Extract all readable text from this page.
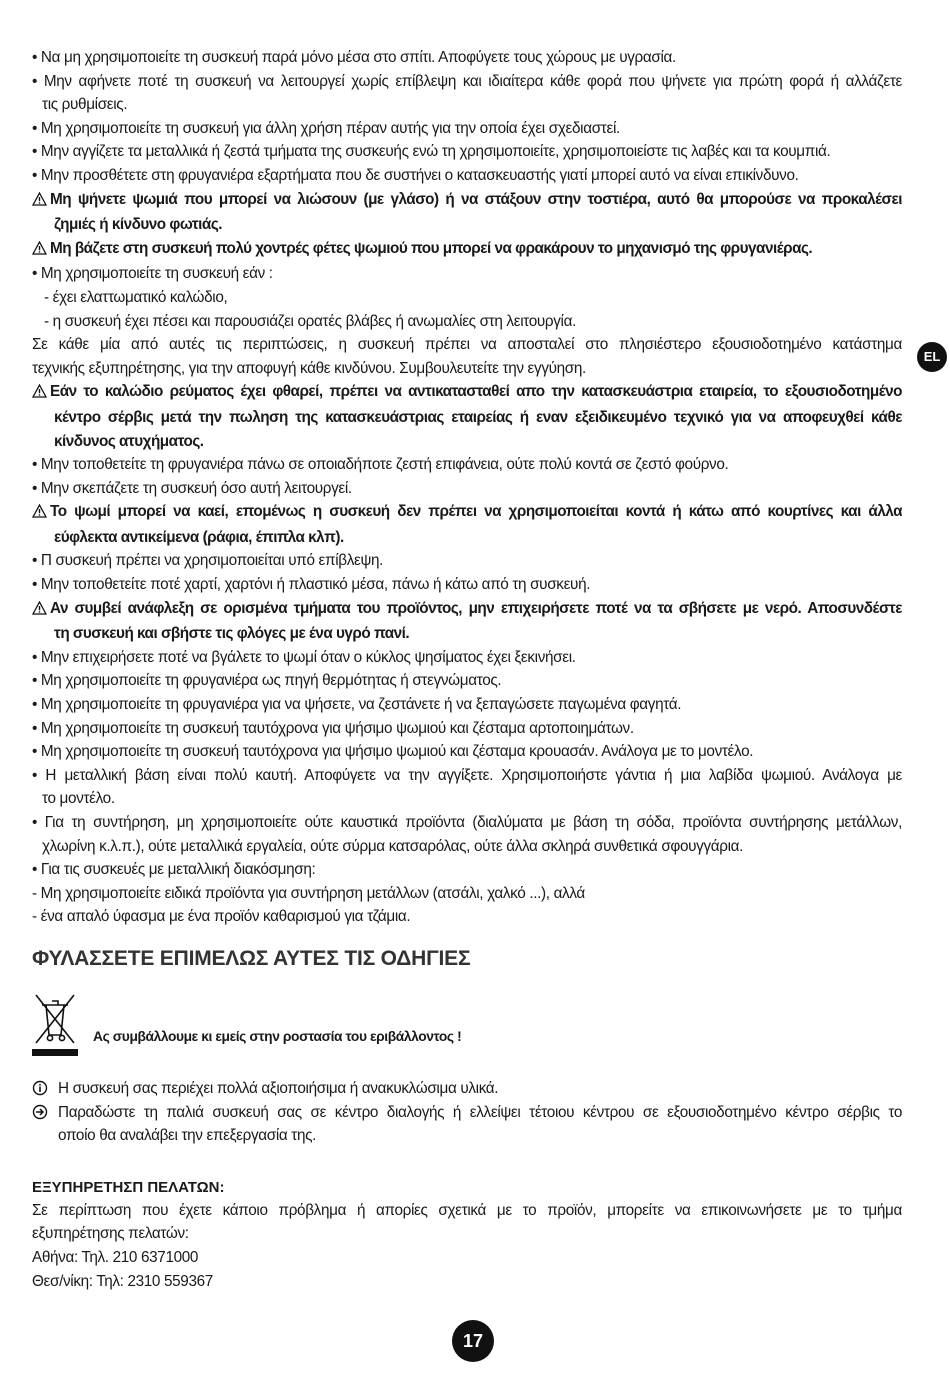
EL
• Να μη χρησιμοποιείτε τη συσκευή παρά μόνο μέσα στο σπίτι. Αποφύγετε τους χώρους με υγρασία.
• Μην αφήνετε ποτέ τη συσκευή να λειτουργεί χωρίς επίβλεψη και ιδιαίτερα κάθε φορά που ψήνετε για πρώτη φορά ή αλλάζετε
τις ρυθμίσεις.
• Μη χρησιμοποιείτε τη συσκευή για άλλη χρήση πέραν αυτής για την οποία έχει σχεδιαστεί.
• Μην αγγίζετε τα μεταλλικά ή ζεστά τμήματα της συσκευής ενώ τη χρησιμοποιείτε, χρησιμοποιείστε τις λαβές και τα κουμπιά.
• Μην προσθέτετε στη φρυγανιέρα εξαρτήματα που δε συστήνει ο κατασκευαστής γιατί μπορεί αυτό να είναι επικίνδυνο.
Μη ψήνετε ψωμιά που μπορεί να λιώσουν (με γλάσο) ή να στάξουν στην τοστιέρα, αυτό θα μπορούσε να προκαλέσει
ζημιές ή κίνδυνο φωτιάς.
Μη βάζετε στη συσκευή πολύ χοντρές φέτες ψωμιού που μπορεί να φρακάρουν το μηχανισμό της φρυγανιέρας.
• Μη χρησιμοποιείτε τη συσκευή εάν :
- έχει ελαττωματικό καλώδιο,
- η συσκευή έχει πέσει και παρουσιάζει ορατές βλάβες ή ανωμαλίες στη λειτουργία.
Σε κάθε μία από αυτές τις περιπτώσεις, η συσκευή πρέπει να αποσταλεί στο πλησιέστερο εξουσιοδοτημένο κατάστημα
τεχνικής εξυπηρέτησης, για την αποφυγή κάθε κινδύνου. Συμβουλευτείτε την εγγύηση.
Εάν το καλώδιο ρεύματος έχει φθαρεί, πρέπει να αντικατασταθεί απο την κατασκευάστρια εταιρεία, το εξουσιοδοτημένο
κέντρο σέρβις μετά την πωληση της κατασκευάστριας εταιρείας ή εναν εξειδικευμένο τεχνικό για να αποφευχθεί κάθε
κίνδυνος ατυχήματος.
• Μην τοποθετείτε τη φρυγανιέρα πάνω σε οποιαδήποτε ζεστή επιφάνεια, ούτε πολύ κοντά σε ζεστό φούρνο.
• Μην σκεπάζετε τη συσκευή όσο αυτή λειτουργεί.
Το ψωμί μπορεί να καεί, επομένως η συσκευή δεν πρέπει να χρησιμοποιείται κοντά ή κάτω από κουρτίνες και άλλα
εύφλεκτα αντικείμενα (ράφια, έπιπλα κλπ).
• Π συσκευή πρέπει να χρησιμοποιείται υπό επίβλεψη.
• Μην τοποθετείτε ποτέ χαρτί, χαρτόνι ή πλαστικό μέσα, πάνω ή κάτω από τη συσκευή.
Αν συμβεί ανάφλεξη σε ορισμένα τμήματα του προϊόντος, μην επιχειρήσετε ποτέ να τα σβήσετε με νερό. Αποσυνδέστε
τη συσκευή και σβήστε τις φλόγες με ένα υγρό πανί.
• Μην επιχειρήσετε ποτέ να βγάλετε το ψωμί όταν ο κύκλος ψησίματος έχει ξεκινήσει.
• Μη χρησιμοποιείτε τη φρυγανιέρα ως πηγή θερμότητας ή στεγνώματος.
• Μη χρησιμοποιείτε τη φρυγανιέρα για να ψήσετε, να ζεστάνετε ή να ξεπαγώσετε παγωμένα φαγητά.
• Μη χρησιμοποιείτε τη συσκευή ταυτόχρονα για ψήσιμο ψωμιού και ζέσταμα αρτοποιημάτων.
• Μη χρησιμοποιείτε τη συσκευή ταυτόχρονα για ψήσιμο ψωμιού και ζέσταμα κρουασάν. Ανάλογα με το μοντέλο.
• Η μεταλλική βάση είναι πολύ καυτή. Αποφύγετε να την αγγίξετε. Χρησιμοποιήστε γάντια ή μια λαβίδα ψωμιού. Ανάλογα με
το μοντέλο.
• Για τη συντήρηση, μη χρησιμοποιείτε ούτε καυστικά προϊόντα (διαλύματα με βάση τη σόδα, προϊόντα συντήρησης μετάλλων,
χλωρίνη κ.λ.π.), ούτε μεταλλικά εργαλεία, ούτε σύρμα κατσαρόλας, ούτε άλλα σκληρά συνθετικά σφουγγάρια.
• Για τις συσκευές με μεταλλική διακόσμηση:
- Μη χρησιμοποιείτε ειδικά προϊόντα για συντήρηση μετάλλων (ατσάλι, χαλκό ...), αλλά
- ένα απαλό ύφασμα με ένα προϊόν καθαρισμού για τζάμια.
ΦΥΛΑΣΣΕΤΕ ΕΠΙΜΕΛΩΣ ΑΥΤΕΣ ΤΙΣ ΟΔΗΓΙΕΣ
Ας συμβάλλουμε κι εμείς στην ροστασία του εριβάλλοντος !
Η συσκευή σας περιέχει πολλά αξιοποιήσιμα ή ανακυκλώσιμα υλικά.
Παραδώστε τη παλιά συσκευή σας σε κέντρο διαλογής ή ελλείψει τέτοιου κέντρου σε εξουσιοδοτημένο κέντρο σέρβις το
οποίο θα αναλάβει την επεξεργασία της.
ΕΞΥΠΗΡΕΤΗΣΠ ΠΕΛΑΤΩΝ:
Σε περίπτωση που έχετε κάποιο πρόβλημα ή απορίες σχετικά με το προϊόν, μπορείτε να επικοινωνήσετε με το τμήμα
εξυπηρέτησης πελατών:
Αθήνα: Τηλ. 210 6371000
Θεσ/νίκη: Τηλ: 2310 559367
17
